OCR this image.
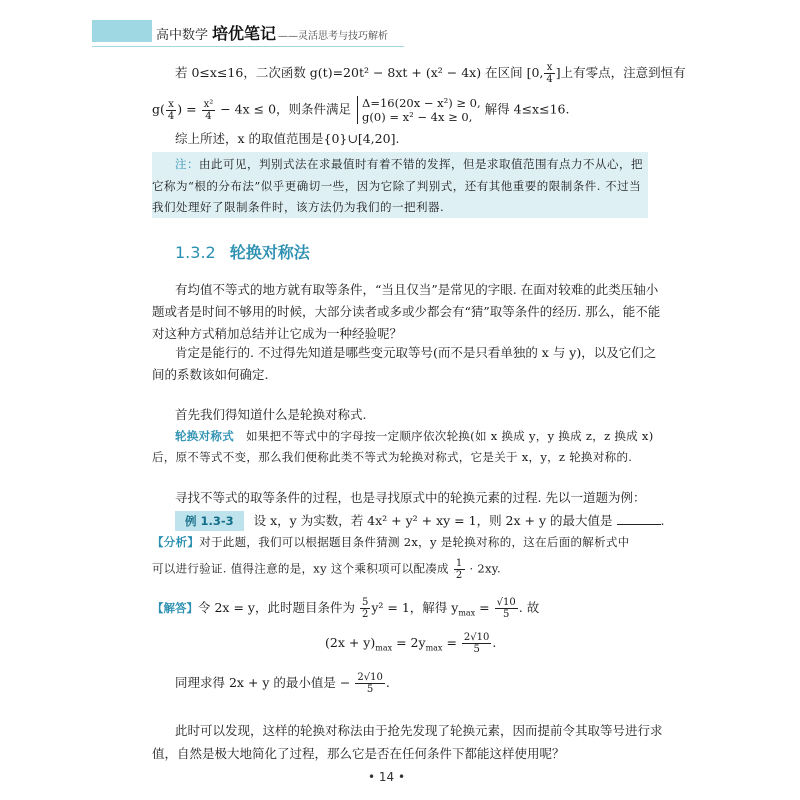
高中数学 培优笔记 ——灵活思考与技巧解析
若 0≤x≤16，二次函数 g(t)=20t² − 8xt + (x² − 4x) 在区间 [0, $\frac{x}{4}$ ]上有零点，注意到恒有
$g( \frac{x}{4}$ ) = $\frac{\text{x²}}{4} - 4x \le 0$，则条件满足 Δ=16(20x − x²) ≥ 0,
g(0) = x² − 4x ≥ 0,
解得 4≤x≤16.
综上所述，x 的取值范围是{0}∪[4,20].
注：由此可见，判别式法在求最值时有着不错的发挥，但是求取值范围有点力不从心，把
它称为“根的分布法”似乎更确切一些，因为它除了判别式，还有其他重要的限制条件. 不过当
我们处理好了限制条件时，该方法仍为我们的一把利器.
1.3.2 轮换对称法
有均值不等式的地方就有取等条件，“当且仅当”是常见的字眼. 在面对较难的此类压轴小
题或者是时间不够用的时候，大部分读者或多或少都会有“猜”取等条件的经历. 那么，能不能
对这种方式稍加总结并让它成为一种经验呢？
肯定是能行的. 不过得先知道是哪些变元取等号(而不是只看单独的 x 与 y)，以及它们之
间的系数该如何确定.
首先我们得知道什么是轮换对称式.
轮换对称式 如果把不等式中的字母按一定顺序依次轮换(如 x 换成 y，y 换成 z，z 换成 x)
后，原不等式不变，那么我们便称此类不等式为轮换对称式，它是关于 x，y，z 轮换对称的.
寻找不等式的取等条件的过程，也是寻找原式中的轮换元素的过程. 先以一道题为例：
例 1.3-3 设 x，y 为实数，若 4x² + y² + xy = 1，则 2x + y 的最大值是	.
【分析】对于此题，我们可以根据题目条件猜测 2x，y 是轮换对称的，这在后面的解析式中
可以进行验证. 值得注意的是，xy 这个乘积项可以配凑成 $\frac{1}{2} \cdot 2xy$.
【解答】令 2x = y，此时题目条件为 $\frac{5}{2} y^2 = 1$，解得 $y_{max} = \frac{√10}{5}$ . 故
$(2x + y)_{max} = 2y_{max} = \frac{2√10}{5}$ .
同理求得 2x + y 的最小值是 − $\frac{2√10}{5}$ .
此时可以发现，这样的轮换对称法由于抢先发现了轮换元素，因而提前令其取等号进行求
值，自然是极大地简化了过程，那么它是否在任何条件下都能这样使用呢？
• 14 •
